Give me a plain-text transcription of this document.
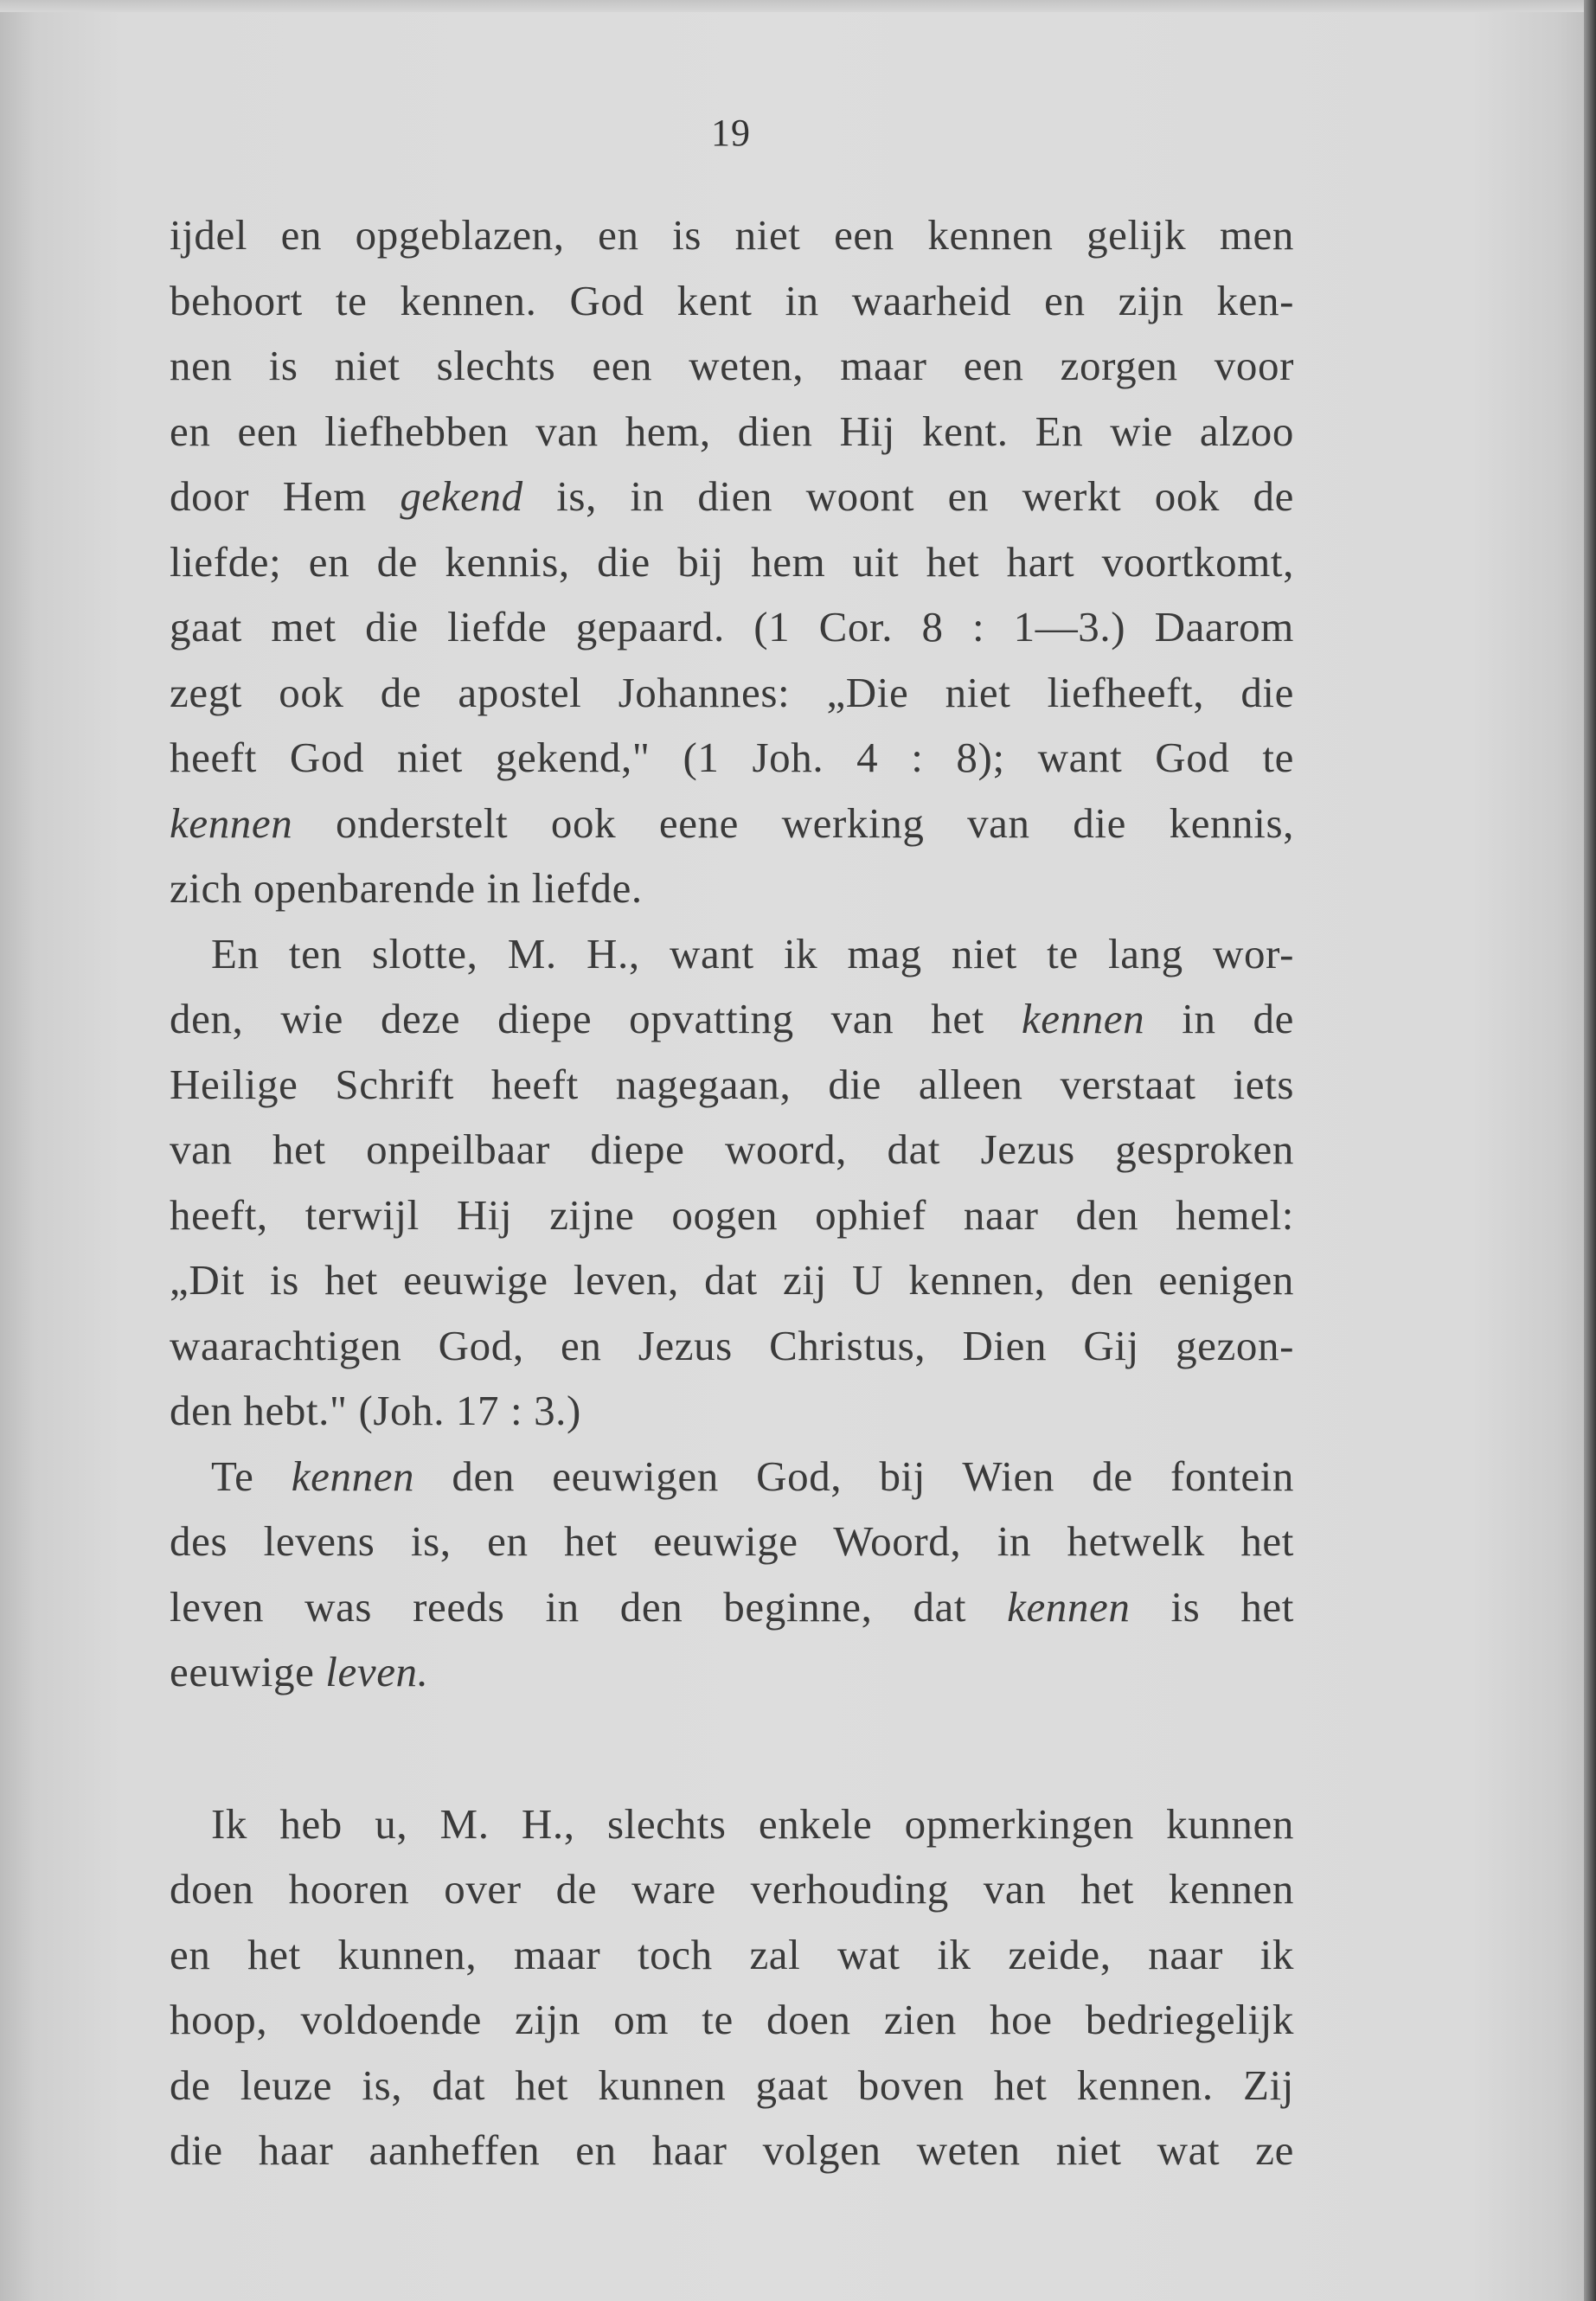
19
ijdel en opgeblazen, en is niet een kennen gelijk men
behoort te kennen. God kent in waarheid en zijn ken-
nen is niet slechts een weten, maar een zorgen voor
en een liefhebben van hem, dien Hij kent. En wie alzoo
door Hem gekend is, in dien woont en werkt ook de
liefde; en de kennis, die bij hem uit het hart voortkomt,
gaat met die liefde gepaard. (1 Cor. 8 : 1—3.) Daarom
zegt ook de apostel Johannes: „Die niet liefheeft, die
heeft God niet gekend," (1 Joh. 4 : 8); want God te
kennen onderstelt ook eene werking van die kennis,
zich openbarende in liefde.
En ten slotte, M. H., want ik mag niet te lang wor-
den, wie deze diepe opvatting van het kennen in de
Heilige Schrift heeft nagegaan, die alleen verstaat iets
van het onpeilbaar diepe woord, dat Jezus gesproken
heeft, terwijl Hij zijne oogen ophief naar den hemel:
„Dit is het eeuwige leven, dat zij U kennen, den eenigen
waarachtigen God, en Jezus Christus, Dien Gij gezon-
den hebt." (Joh. 17 : 3.)
Te kennen den eeuwigen God, bij Wien de fontein
des levens is, en het eeuwige Woord, in hetwelk het
leven was reeds in den beginne, dat kennen is het
eeuwige leven.
Ik heb u, M. H., slechts enkele opmerkingen kunnen
doen hooren over de ware verhouding van het kennen
en het kunnen, maar toch zal wat ik zeide, naar ik
hoop, voldoende zijn om te doen zien hoe bedriegelijk
de leuze is, dat het kunnen gaat boven het kennen. Zij
die haar aanheffen en haar volgen weten niet wat ze
